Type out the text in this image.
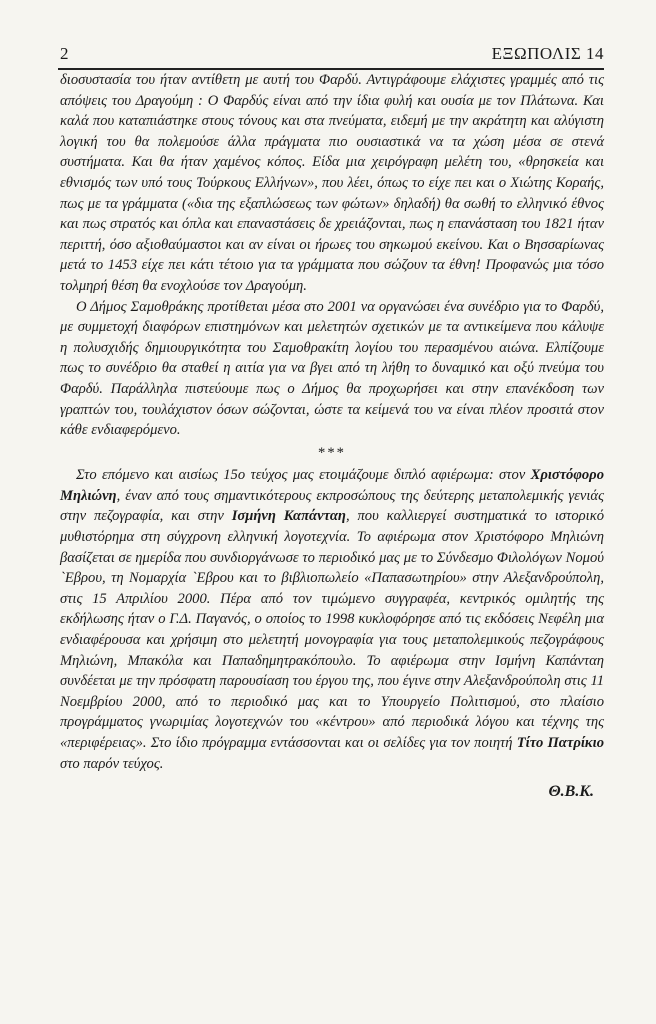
2	ΕΞΩΠΟΛΙΣ 14

διοσυστασία του ήταν αντίθετη με αυτή του Φαρδύ. Αντιγράφουμε ελάχιστες γραμμές από τις απόψεις του Δραγούμη : Ο Φαρδύς είναι από την ίδια φυλή και ουσία με τον Πλάτωνα. Και καλά που καταπιάστηκε στους τόνους και στα πνεύματα, ειδεμή με την ακράτητη και αλύγιστη λογική του θα πολεμούσε άλλα πράγματα πιο ουσιαστικά να τα χώση μέσα σε στενά συστήματα. Και θα ήταν χαμένος κόπος. Είδα μια χειρόγραφη μελέτη του, «θρησκεία και εθνισμός των υπό τους Τούρκους Ελλήνων», που λέει, όπως το είχε πει και ο Χιώτης Κοραής, πως με τα γράμματα («δια της εξαπλώσεως των φώτων» δηλαδή) θα σωθή το ελληνικό έθνος και πως στρατός και όπλα και επαναστάσεις δε χρειάζονται, πως η επανάσταση του 1821 ήταν περιττή, όσο αξιοθαύμαστοι και αν είναι οι ήρωες του σηκωμού εκείνου. Και ο Βησσαρίωνας μετά το 1453 είχε πει κάτι τέτοιο για τα γράμματα που σώζουν τα έθνη! Προφανώς μια τόσο τολμηρή θέση θα ενοχλούσε τον Δραγούμη.

Ο Δήμος Σαμοθράκης προτίθεται μέσα στο 2001 να οργανώσει ένα συνέδριο για το Φαρδύ, με συμμετοχή διαφόρων επιστημόνων και μελετητών σχετικών με τα αντικείμενα που κάλυψε η πολυσχιδής δημιουργικότητα του Σαμοθρακίτη λογίου του περασμένου αιώνα. Ελπίζουμε πως το συνέδριο θα σταθεί η αιτία για να βγει από τη λήθη το δυναμικό και οξύ πνεύμα του Φαρδύ. Παράλληλα πιστεύουμε πως ο Δήμος θα προχωρήσει και στην επανέκδοση των γραπτών του, τουλάχιστον όσων σώζονται, ώστε τα κείμενά του να είναι πλέον προσιτά στον κάθε ενδιαφερόμενο.

***

Στο επόμενο και αισίως 15ο τεύχος μας ετοιμάζουμε διπλό αφιέρωμα: στον Χριστόφορο Μηλιώνη, έναν από τους σημαντικότερους εκπροσώπους της δεύτερης μεταπολεμικής γενιάς στην πεζογραφία, και στην Ισμήνη Καπάνταη, που καλλιεργεί συστηματικά το ιστορικό μυθιστόρημα στη σύγχρονη ελληνική λογοτεχνία. Το αφιέρωμα στον Χριστόφορο Μηλιώνη βασίζεται σε ημερίδα που συνδιοργάνωσε το περιοδικό μας με το Σύνδεσμο Φιλολόγων Νομού `Εβρου, τη Νομαρχία `Εβρου και το βιβλιοπωλείο «Παπασωτηρίου» στην Αλεξανδρούπολη, στις 15 Απριλίου 2000. Πέρα από τον τιμώμενο συγγραφέα, κεντρικός ομιλητής της εκδήλωσης ήταν ο Γ.Δ. Παγανός, ο οποίος το 1998 κυκλοφόρησε από τις εκδόσεις Νεφέλη μια ενδιαφέρουσα και χρήσιμη στο μελετητή μονογραφία για τους μεταπολεμικούς πεζογράφους Μηλιώνη, Μπακόλα και Παπαδημητρακόπουλο. Το αφιέρωμα στην Ισμήνη Καπάνταη συνδέεται με την πρόσφατη παρουσίαση του έργου της, που έγινε στην Αλεξανδρούπολη στις 11 Νοεμβρίου 2000, από το περιοδικό μας και το Υπουργείο Πολιτισμού, στο πλαίσιο προγράμματος γνωριμίας λογοτεχνών του «κέντρου» από περιοδικά λόγου και τέχνης της «περιφέρειας». Στο ίδιο πρόγραμμα εντάσσονται και οι σελίδες για τον ποιητή Τίτο Πατρίκιο στο παρόν τεύχος.

Θ.Β.Κ.
